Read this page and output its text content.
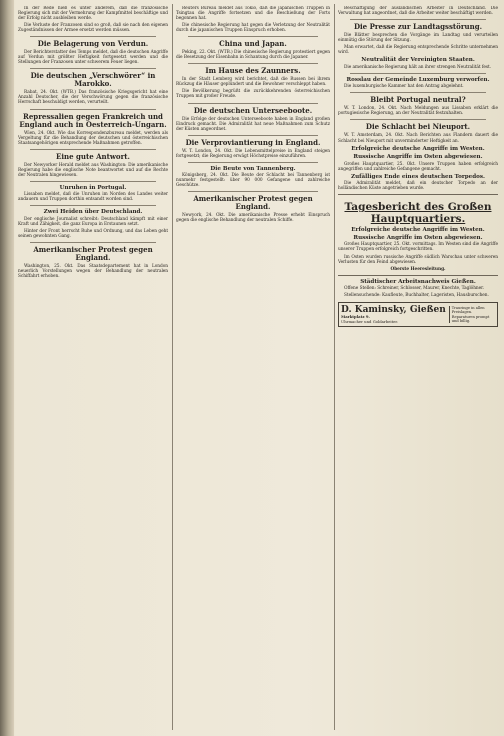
In der Rede hieß es unter anderem, daß die französische Regierung sich mit der Vermehrung der Kampfmittel beschäftige und der Erfolg nicht ausbleiben werde.

Die Verluste der Franzosen sind so groß, daß sie nach den eigenen Zugeständnissen der Armee ersetzt werden müssen.

Die Belagerung von Verdun.

Der Berichterstatter des Temps meldet, daß die deutschen Angriffe auf Verdun mit größter Heftigkeit fortgesetzt werden und die Stellungen der Franzosen unter schwerem Feuer liegen.

Die deutschen „Verschwörer“ in Marokko.

Rabat, 24. Okt. (WTB.) Das französische Kriegsgericht hat eine Anzahl Deutscher, die der Verschwörung gegen die französische Herrschaft beschuldigt werden, verurteilt.

Repressalien gegen Frankreich und England auch in Oesterreich-Ungarn.

Wien, 24. Okt. Wie das Korrespondenzbureau meldet, werden als Vergeltung für die Behandlung der deutschen und österreichischen Staatsangehörigen entsprechende Maßnahmen getroffen.

Eine gute Antwort.

Der Newyorker Herald meldet aus Washington: Die amerikanische Regierung habe die englische Note beantwortet und auf die Rechte der Neutralen hingewiesen.

Unruhen in Portugal.

Lissabon meldet, daß die Unruhen im Norden des Landes weiter andauern und Truppen dorthin entsandt worden sind.

Zwei Heiden über Deutschland.

Der englische Journalist schreibt: Deutschland kämpft mit einer Kraft und Zähigkeit, die ganz Europa in Erstaunen setzt.

Hinter der Front herrscht Ruhe und Ordnung, und das Leben geht seinen gewohnten Gang.

Amerikanischer Protest gegen England.

Washington, 25. Okt. Das Staatsdepartement hat in London neuerlich Vorstellungen wegen der Behandlung der neutralen Schiffahrt erhoben.

Reuters Bureau meldet aus Tokio, daß die japanischen Truppen in Tsingtau die Angriffe fortsetzen und die Beschießung der Forts begonnen hat.

Die chinesische Regierung hat gegen die Verletzung der Neutralität durch die japanischen Truppen Einspruch erhoben.

China und Japan.

Peking, 22. Okt. (WTB.) Die chinesische Regierung protestiert gegen die Besetzung der Eisenbahn in Schantung durch die Japaner.

Im Hause des Zaunners.

In der Stadt Lemberg wird berichtet, daß die Russen bei ihrem Rückzug die Häuser geplündert und die Bewohner verschleppt haben.

Die Bevölkerung begrüßt die zurückkehrenden österreichischen Truppen mit großer Freude.

Die deutschen Unterseeboote.

Die Erfolge der deutschen Unterseeboote haben in England großen Eindruck gemacht. Die Admiralität hat neue Maßnahmen zum Schutz der Küsten angeordnet.

Die Verproviantierung in England.

W. T. London, 24. Okt. Die Lebensmittelpreise in England steigen fortgesetzt; die Regierung erwägt Höchstpreise einzuführen.

Die Beute von Tannenberg.

Königsberg, 24. Okt. Die Beute der Schlacht bei Tannenberg ist nunmehr festgestellt: über 90 000 Gefangene und zahlreiche Geschütze.

Amerikanischer Protest gegen England.

Newyork, 24. Okt. Die amerikanische Presse erhebt Einspruch gegen die englische Behandlung der neutralen Schiffe.

Beschäftigung der ausländischen Arbeiter in Deutschland. Die Verwaltung hat angeordnet, daß die Arbeiter weiter beschäftigt werden.

Die Presse zur Landtagsstörung.

Die Blätter besprechen die Vorgänge im Landtag und verurteilen einmütig die Störung der Sitzung.

Man erwartet, daß die Regierung entsprechende Schritte unternehmen wird.

Neutralität der Vereinigten Staaten.

Die amerikanische Regierung hält an ihrer strengen Neutralität fest.

Rosslau der Gemeinde Luxemburg verworfen.

Die luxemburgische Kammer hat den Antrag abgelehnt.

Bleibt Portugal neutral?

W. T. London, 24. Okt. Nach Meldungen aus Lissabon erklärt die portugiesische Regierung, an der Neutralität festzuhalten.

Die Schlacht bei Nieuport.

W. T. Amsterdam, 24. Okt. Nach Berichten aus Flandern dauert die Schlacht bei Nieuport mit unverminderter Heftigkeit an.

Erfolgreiche deutsche Angriffe im Westen.
Russische Angriffe im Osten abgewiesen.

Großes Hauptquartier, 25. Okt. Unsere Truppen haben erfolgreich angegriffen und zahlreiche Gefangene gemacht.

Zufälliges Ende eines deutschen Torpedos.

Die Admiralität meldet, daß ein deutscher Torpedo an der holländischen Küste angetrieben wurde.

Tagesbericht des Großen Hauptquartiers.
Erfolgreiche deutsche Angriffe im Westen.
Russische Angriffe im Osten abgewiesen.

Großes Hauptquartier, 25. Okt. vormittags. Im Westen sind die Angriffe unserer Truppen erfolgreich fortgeschritten.

Im Osten wurden russische Angriffe südlich Warschau unter schweren Verlusten für den Feind abgewiesen.

Oberste Heeresleitung.

Städtischer Arbeitsnachweis Gießen.

Offene Stellen: Schreiner, Schlosser, Maurer, Knechte, Taglöhner.

Stellensuchende: Kaufleute, Buchhalter, Lageristen, Hausburschen.

D. Kaminsky, Gießen
Marktplatz 9.
Uhrmacher und Goldarbeiter.
Trauringe in allen Preislagen. Reparaturen prompt und billig.
